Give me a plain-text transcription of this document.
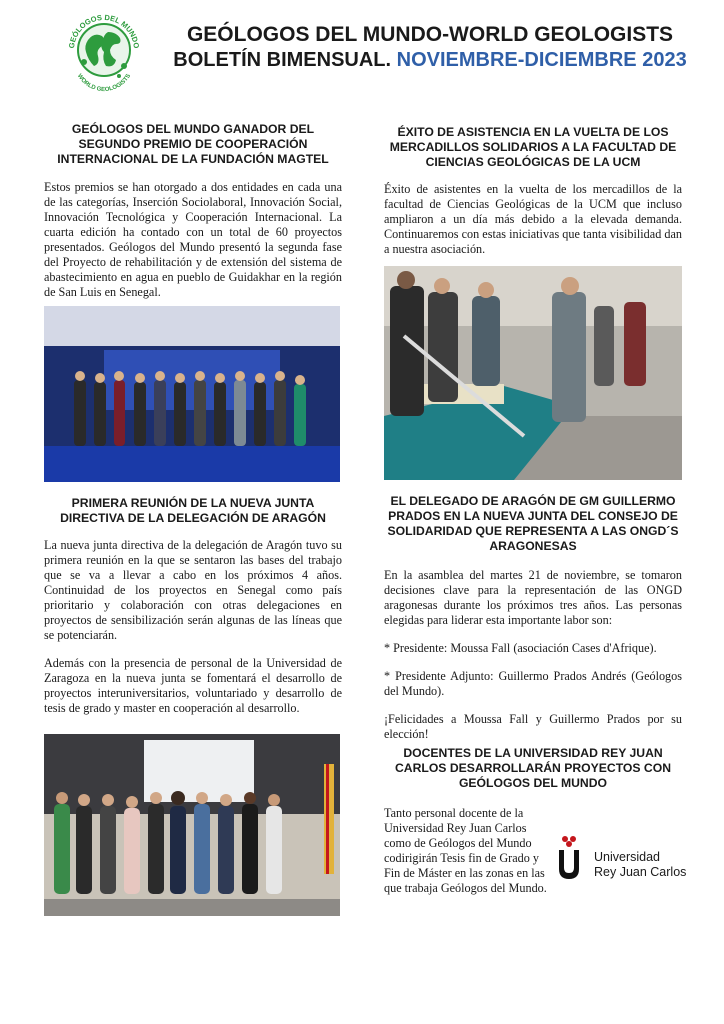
GEÓLOGOS DEL MUNDO
WORLD GEOLOGISTS
GEÓLOGOS DEL MUNDO-WORLD GEOLOGISTS
BOLETÍN BIMENSUAL. NOVIEMBRE-DICIEMBRE 2023
GEÓLOGOS DEL MUNDO GANADOR DEL SEGUNDO PREMIO DE COOPERACIÓN INTERNACIONAL DE LA FUNDACIÓN MAGTEL

Estos premios se han otorgado a dos entidades en cada una de las categorías, Inserción Sociolaboral, Innovación Social, Innovación Tecnológica y Cooperación Internacional. La cuarta edición ha contado con un total de 60 proyectos presentados. Geólogos del Mundo presentó la segunda fase del Proyecto de rehabilitación y de extensión del sistema de abastecimiento en agua en pueblo de Guidakhar en la región de San Luis en Senegal.

PRIMERA REUNIÓN DE LA NUEVA JUNTA DIRECTIVA DE LA DELEGACIÓN DE ARAGÓN

La nueva junta directiva de la delegación de Aragón tuvo su primera reunión en la que se sentaron las bases del trabajo que se va a llevar a cabo en los próximos 4 años. Continuidad de los proyectos en Senegal como país prioritario y colaboración con otras delegaciones en proyectos de sensibilización serán algunas de las líneas que se potenciarán.

Además con la presencia de personal de la Universidad de Zaragoza en la nueva junta se fomentará el desarrollo de proyectos interuniversitarios, voluntariado y desarrollo de tesis de grado y master en cooperación al desarrollo.

ÉXITO DE ASISTENCIA EN LA VUELTA DE LOS MERCADILLOS SOLIDARIOS A LA FACULTAD DE CIENCIAS GEOLÓGICAS DE LA UCM

Éxito de asistentes en la vuelta de los mercadillos de la facultad de Ciencias Geológicas de la UCM que incluso ampliaron a un día más debido a la elevada demanda. Continuaremos con estas iniciativas que tanta visibilidad dan a nuestra asociación.

EL DELEGADO DE ARAGÓN DE GM GUILLERMO PRADOS EN LA NUEVA JUNTA DEL CONSEJO DE SOLIDARIDAD QUE REPRESENTA A LAS ONGD´S ARAGONESAS

En la asamblea del martes 21 de noviembre, se tomaron decisiones clave para la representación de las ONGD aragonesas durante los próximos tres años. Las personas elegidas para liderar esta importante labor son:

* Presidente: Moussa Fall (asociación Cases d'Afrique).

* Presidente Adjunto: Guillermo Prados Andrés (Geólogos del Mundo).

¡Felicidades a Moussa Fall y Guillermo Prados por su elección!

DOCENTES DE LA UNIVERSIDAD REY JUAN CARLOS DESARROLLARÁN PROYECTOS CON GEÓLOGOS DEL MUNDO

Tanto personal docente de la Universidad Rey Juan Carlos como de Geólogos del Mundo codirigirán Tesis fin de Grado y Fin de Máster en las zonas en las que trabaja Geólogos del Mundo.

Universidad
Rey Juan Carlos
